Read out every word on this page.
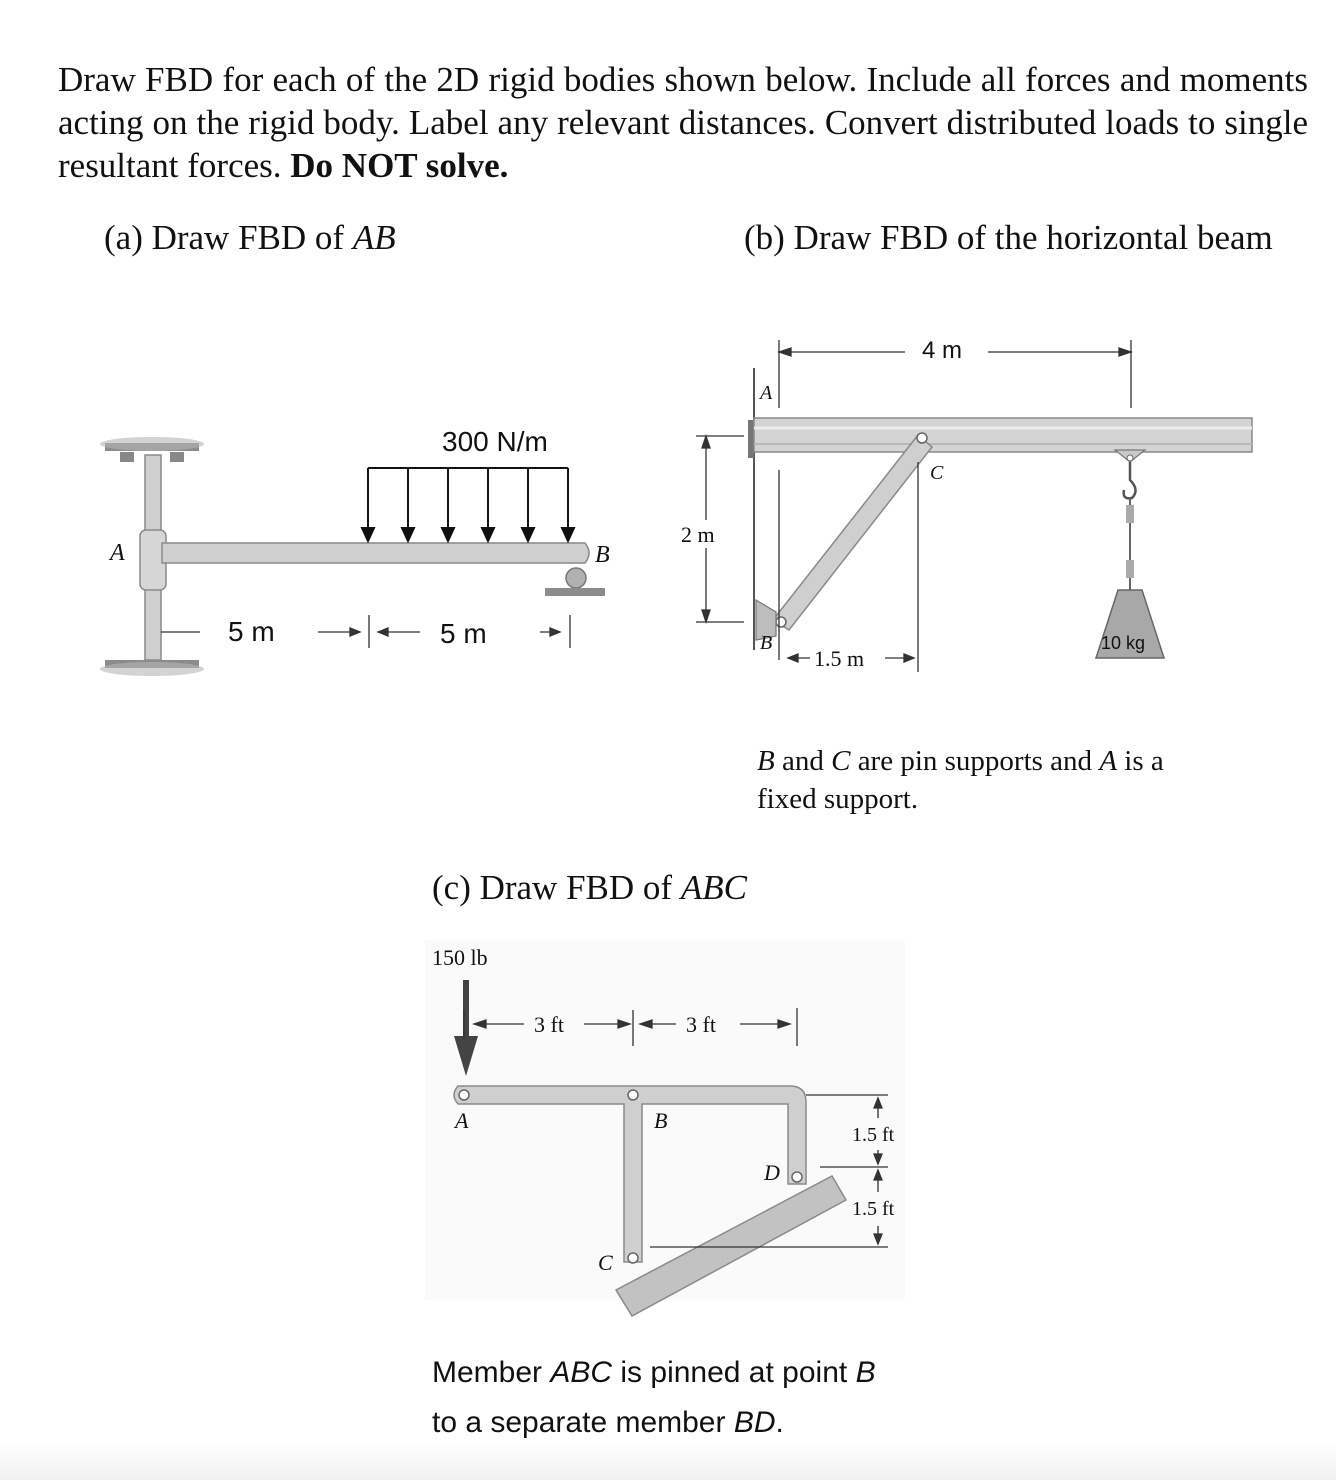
Draw FBD for each of the 2D rigid bodies shown below. Include all forces and moments acting on the rigid body. Label any relevant distances. Convert distributed loads to single resultant forces. Do NOT solve.

(a) Draw FBD of AB	(b) Draw FBD of the horizontal beam
(c) Draw FBD of ABC
300 N/m
A	B
5 m	5 m
4 m
2 m
1.5 m
A
B
C
10 kg
B and C are pin supports and A is a fixed support.
150 lb
3 ft	3 ft
1.5 ft
1.5 ft
A	B
C
D
Member ABC is pinned at point B
to a separate member BD.
